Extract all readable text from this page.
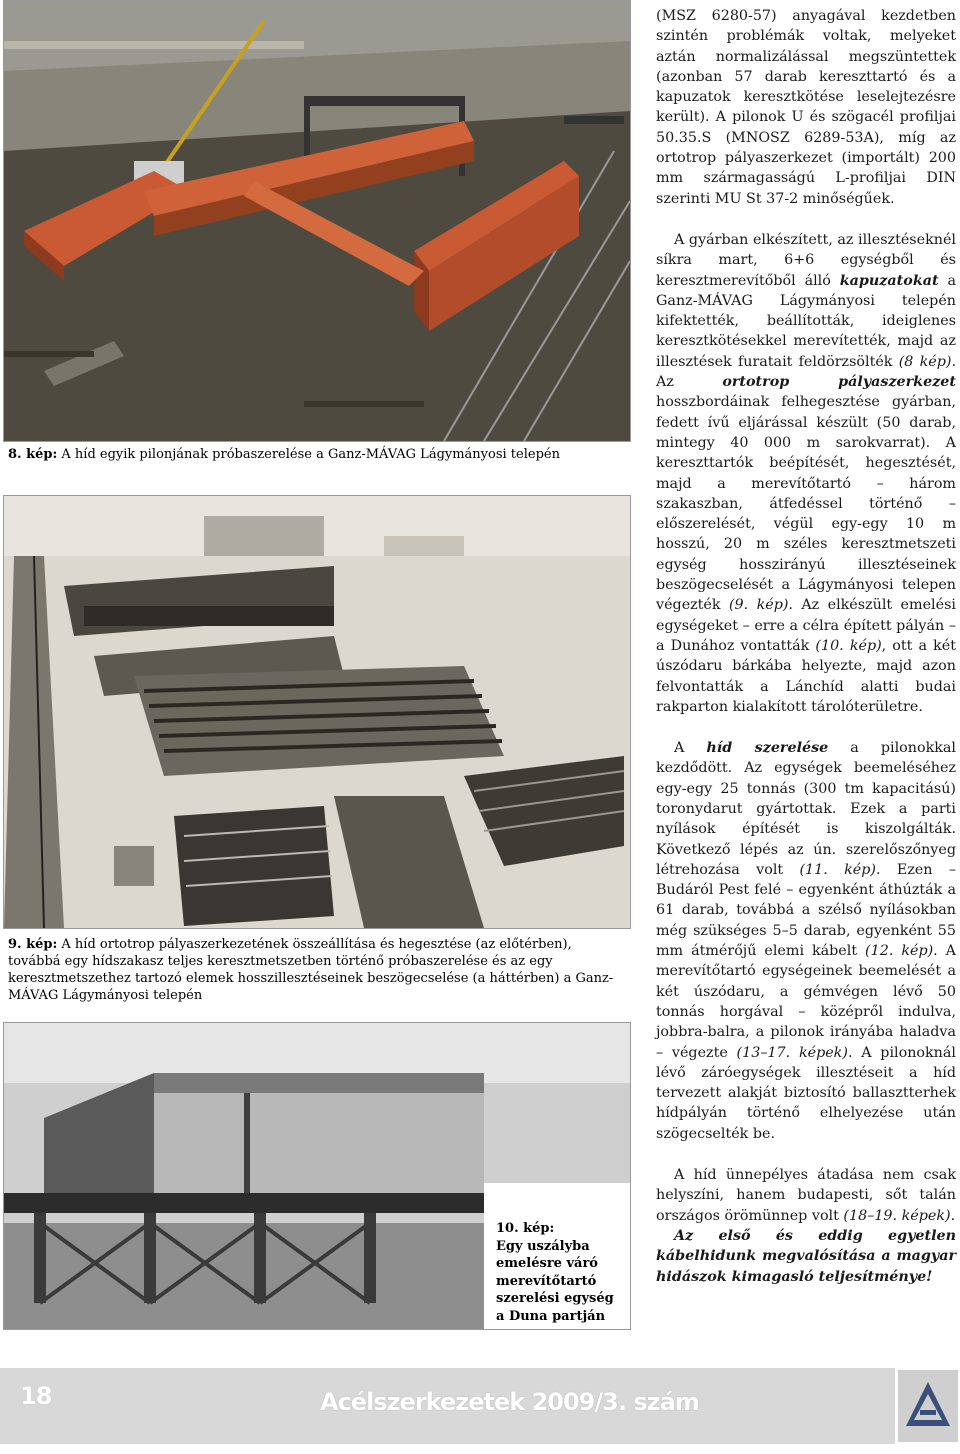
8. kép: A híd egyik pilonjának próbaszerelése a Ganz-MÁVAG Lágymányosi telepén
9. kép: A híd ortotrop pályaszerkezetének összeállítása és hegesztése (az előtérben), továbbá egy hídszakasz teljes keresztmetszetben történő próbaszerelése és az egy keresztmetszethez tartozó elemek hosszillesztéseinek beszögecselése (a háttérben) a Ganz-MÁVAG Lágymányosi telepén
10. kép:
Egy uszályba emelésre váró merevítőtartó szerelési egység a Duna partján

(MSZ 6280-57) anyagával kezdetben szintén problémák voltak, melyeket aztán normalizálással megszüntettek (azonban 57 darab kereszttartó és a kapuzatok keresztkötése leselejtezésre került). A pilonok U és szögacél profiljai 50.35.S (MNOSZ 6289-53A), míg az ortotrop pályaszerkezet (importált) 200 mm szármagasságú L-profiljai DIN szerinti MU St 37-2 minőségűek.

A gyárban elkészített, az illesztéseknél síkra mart, 6+6 egységből és keresztmerevítőből álló kapuzatokat a Ganz-MÁVAG Lágymányosi telepén kifektették, beállították, ideiglenes keresztkötésekkel merevítették, majd az illesztések furatait feldörzsölték (8 kép). Az ortotrop pályaszerkezet hosszbordáinak felhegesztése gyárban, fedett ívű eljárással készült (50 darab, mintegy 40 000 m sarokvarrat). A kereszttartók beépítését, hegesztését, majd a merevítőtartó – három szakaszban, átfedéssel történő – előszerelését, végül egy-egy 10 m hosszú, 20 m széles keresztmetszeti egység hosszirányú illesztéseinek beszögecselését a Lágymányosi telepen végezték (9. kép). Az elkészült emelési egységeket – erre a célra épített pályán – a Dunához vontatták (10. kép), ott a két úszódaru bárkába helyezte, majd azon felvontatták a Lánchíd alatti budai rakparton kialakított tárolóterületre.

A híd szerelése a pilonokkal kezdődött. Az egységek beemeléséhez egy-egy 25 tonnás (300 tm kapacitású) toronydarut gyártottak. Ezek a parti nyílások építését is kiszolgálták. Következő lépés az ún. szerelőszőnyeg létrehozása volt (11. kép). Ezen – Budáról Pest felé – egyenként áthúzták a 61 darab, továbbá a szélső nyílásokban még szükséges 5–5 darab, egyenként 55 mm átmérőjű elemi kábelt (12. kép). A merevítőtartó egységeinek beemelését a két úszódaru, a gémvégen lévő 50 tonnás horgával – középről indulva, jobbra-balra, a pilonok irányába haladva – végezte (13–17. képek). A pilonoknál lévő záróegységek illesztéseit a híd tervezett alakját biztosító ballasztterhek hídpályán történő elhelyezése után szögecselték be.

A híd ünnepélyes átadása nem csak helyszíni, hanem budapesti, sőt talán országos örömünnep volt (18–19. képek).

Az első és eddig egyetlen kábelhidunk megvalósítása a magyar hidászok kimagasló teljesítménye!

18	Acélszerkezetek 2009/3. szám
